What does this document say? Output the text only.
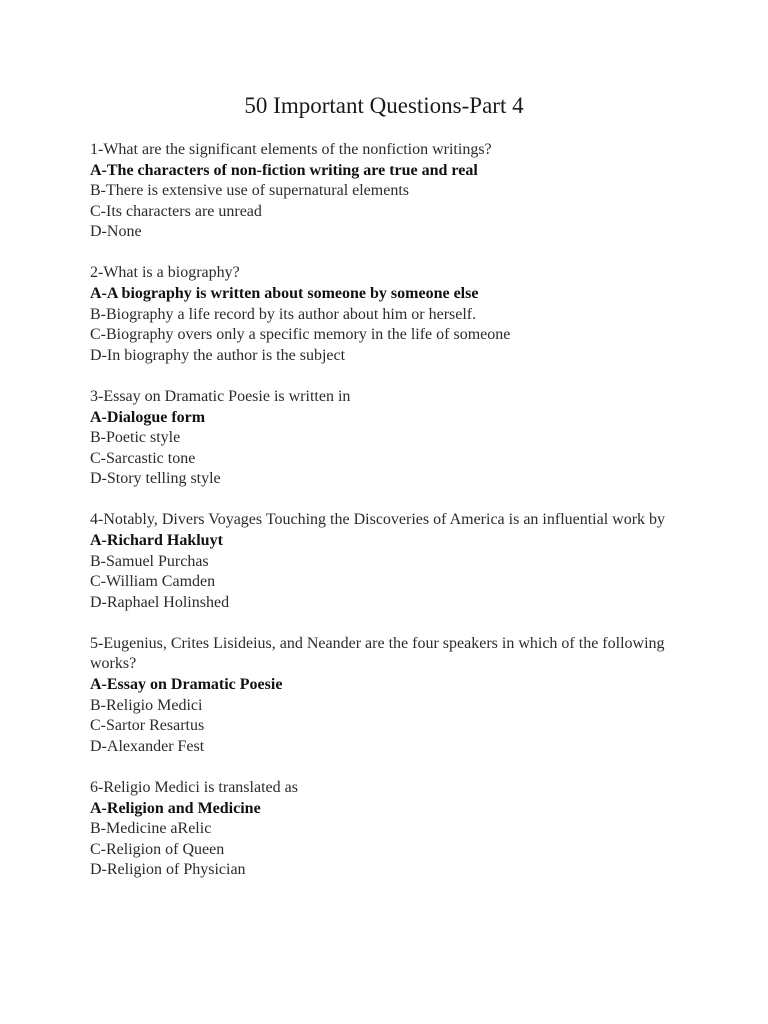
50 Important Questions-Part 4
1-What are the significant elements of the nonfiction writings?
A-The characters of non-fiction writing are true and real
B-There is extensive use of supernatural elements
C-Its characters are unread
D-None
2-What is a biography?
A-A biography is written about someone by someone else
B-Biography a life record by its author about him or herself.
C-Biography overs only a specific memory in the life of someone
D-In biography the author is the subject
3-Essay on Dramatic Poesie is written in
A-Dialogue form
B-Poetic style
C-Sarcastic tone
D-Story telling style
4-Notably, Divers Voyages Touching the Discoveries of America is an influential work by
A-Richard Hakluyt
B-Samuel Purchas
C-William Camden
D-Raphael Holinshed
5-Eugenius, Crites Lisideius, and Neander are the four speakers in which of the following works?
A-Essay on Dramatic Poesie
B-Religio Medici
C-Sartor Resartus
D-Alexander Fest
6-Religio Medici is translated as
A-Religion and Medicine
B-Medicine aRelic
C-Religion of Queen
D-Religion of Physician
